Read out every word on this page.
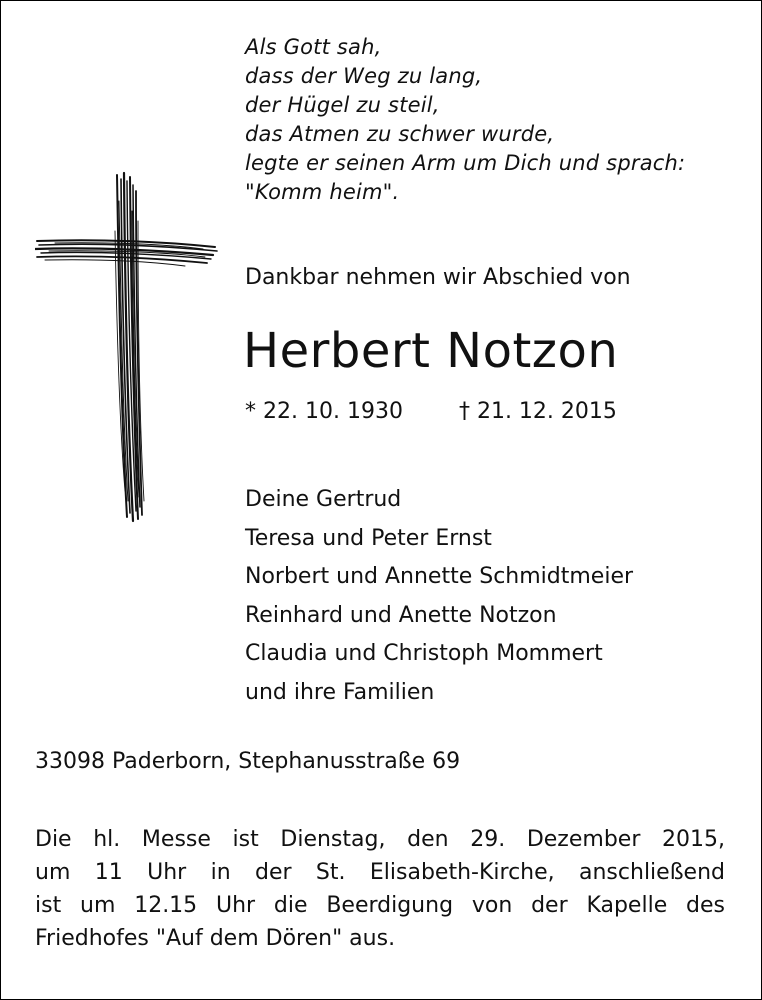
Als Gott sah,
dass der Weg zu lang,
der Hügel zu steil,
das Atmen zu schwer wurde,
legte er seinen Arm um Dich und sprach:
"Komm heim".
Dankbar nehmen wir Abschied von
Herbert Notzon
* 22. 10. 1930	† 21. 12. 2015
Deine Gertrud
Teresa und Peter Ernst
Norbert und Annette Schmidtmeier
Reinhard und Anette Notzon
Claudia und Christoph Mommert
und ihre Familien
33098 Paderborn, Stephanusstraße 69
Die hl. Messe ist Dienstag, den 29. Dezember 2015,
um 11 Uhr in der St. Elisabeth-Kirche, anschließend
ist um 12.15 Uhr die Beerdigung von der Kapelle des
Friedhofes "Auf dem Dören" aus.
